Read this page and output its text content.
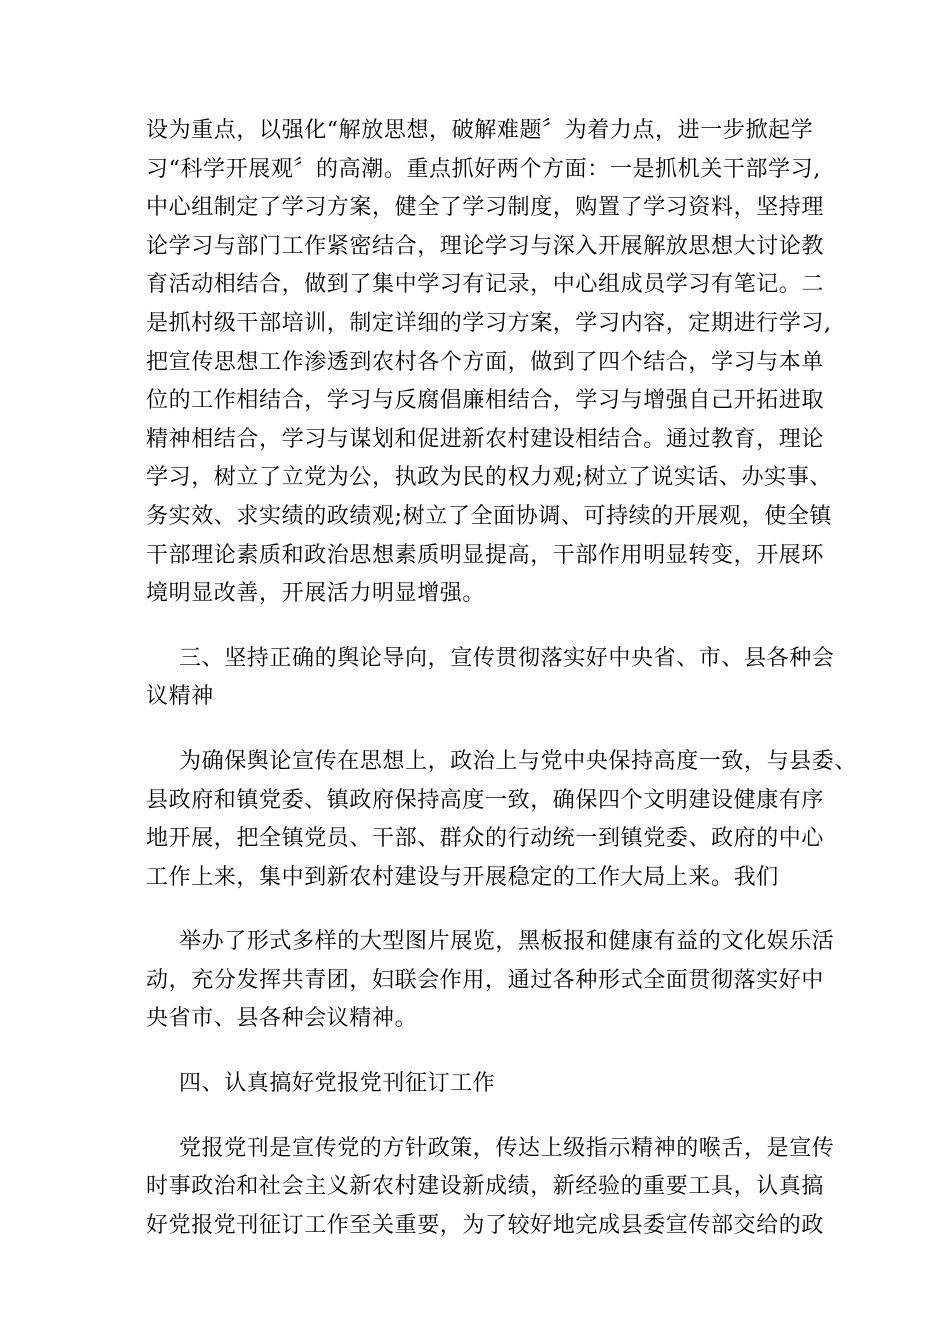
设为重点，以强化“解放思想，破解难题〞为着力点，进一步掀起学
习“科学开展观〞的高潮。重点抓好两个方面：一是抓机关干部学习,
中心组制定了学习方案，健全了学习制度，购置了学习资料，坚持理
论学习与部门工作紧密结合，理论学习与深入开展解放思想大讨论教
育活动相结合，做到了集中学习有记录，中心组成员学习有笔记。二
是抓村级干部培训，制定详细的学习方案，学习内容，定期进行学习,
把宣传思想工作渗透到农村各个方面，做到了四个结合，学习与本单
位的工作相结合，学习与反腐倡廉相结合，学习与增强自己开拓进取
精神相结合，学习与谋划和促进新农村建设相结合。通过教育，理论
学习，树立了立党为公，执政为民的权力观;树立了说实话、办实事、
务实效、求实绩的政绩观;树立了全面协调、可持续的开展观，使全镇
干部理论素质和政治思想素质明显提高，干部作用明显转变，开展环
境明显改善，开展活力明显增强。
三、坚持正确的舆论导向，宣传贯彻落实好中央省、市、县各种会
议精神
为确保舆论宣传在思想上，政治上与党中央保持高度一致，与县委、
县政府和镇党委、镇政府保持高度一致，确保四个文明建设健康有序
地开展，把全镇党员、干部、群众的行动统一到镇党委、政府的中心
工作上来，集中到新农村建设与开展稳定的工作大局上来。我们
举办了形式多样的大型图片展览，黑板报和健康有益的文化娱乐活
动，充分发挥共青团，妇联会作用，通过各种形式全面贯彻落实好中
央省市、县各种会议精神。
四、认真搞好党报党刊征订工作
党报党刊是宣传党的方针政策，传达上级指示精神的喉舌，是宣传
时事政治和社会主义新农村建设新成绩，新经验的重要工具，认真搞
好党报党刊征订工作至关重要，为了较好地完成县委宣传部交给的政
